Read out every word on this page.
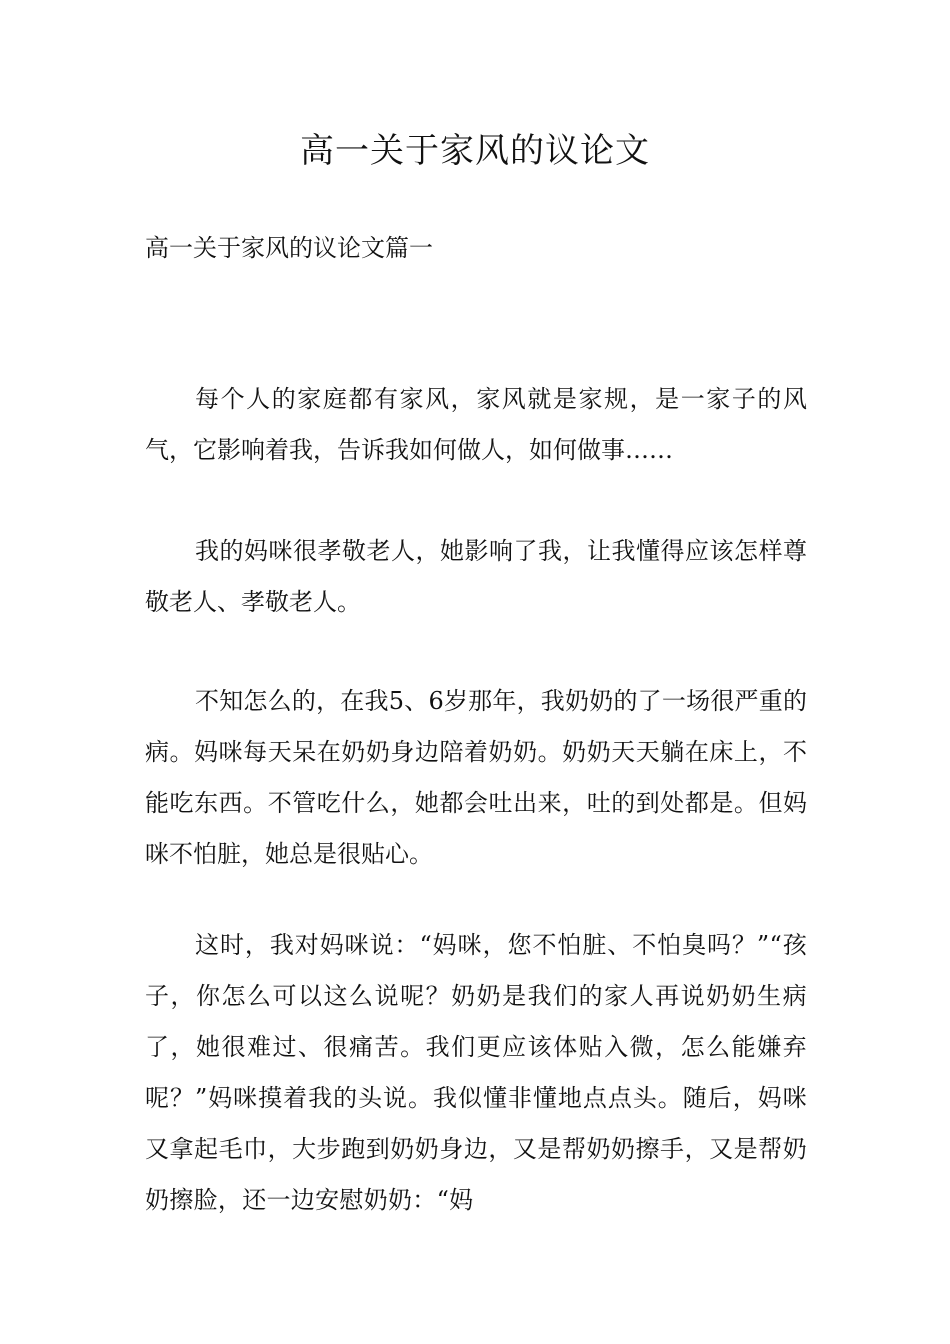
高一关于家风的议论文
高一关于家风的议论文篇一

每个人的家庭都有家风，家风就是家规，是一家子的风气，它影响着我，告诉我如何做人，如何做事……

我的妈咪很孝敬老人，她影响了我，让我懂得应该怎样尊敬老人、孝敬老人。

不知怎么的，在我5、6岁那年，我奶奶的了一场很严重的病。妈咪每天呆在奶奶身边陪着奶奶。奶奶天天躺在床上，不能吃东西。不管吃什么，她都会吐出来，吐的到处都是。但妈咪不怕脏，她总是很贴心。

这时，我对妈咪说：“妈咪，您不怕脏、不怕臭吗？”“孩子，你怎么可以这么说呢？奶奶是我们的家人再说奶奶生病了，她很难过、很痛苦。我们更应该体贴入微，怎么能嫌弃呢？”妈咪摸着我的头说。我似懂非懂地点点头。随后，妈咪又拿起毛巾，大步跑到奶奶身边，又是帮奶奶擦手，又是帮奶奶擦脸，还一边安慰奶奶：“妈
